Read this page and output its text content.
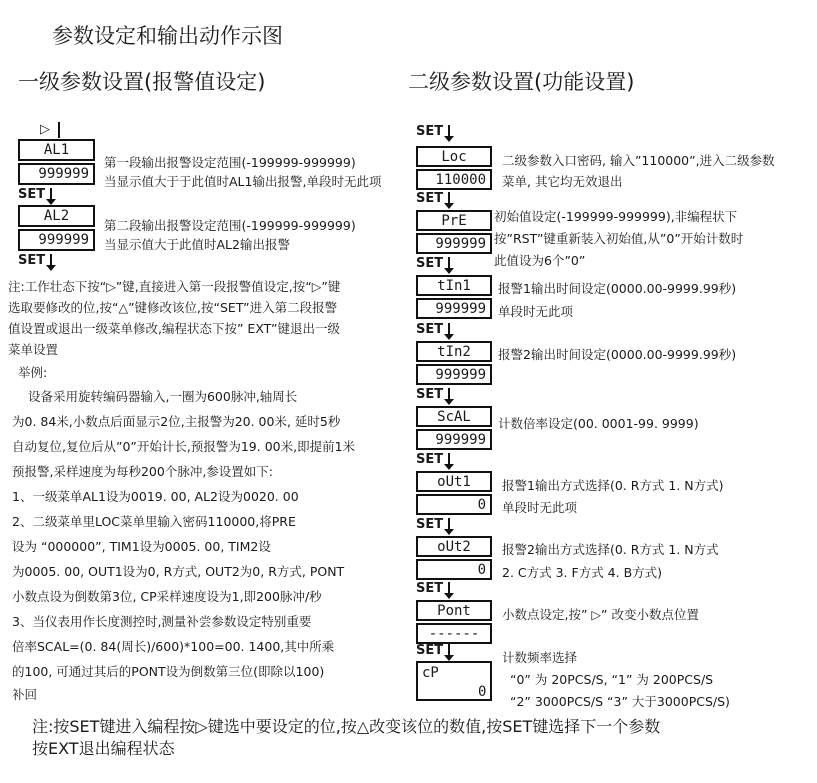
参数设定和输出动作示图
一级参数设置(报警值设定)	二级参数设置(功能设置)
▷
AL1
999999
第一段输出报警设定范围(-199999-999999)
当显示值大于于此值时AL1输出报警,单段时无此项
SET
AL2
999999
第二段输出报警设定范围(-199999-999999)
当显示值大于此值时AL2输出报警
SET
注:工作壮态下按“▷”键,直接进入第一段报警值设定,按“▷”键
选取要修改的位,按“△”键修改该位,按“SET”进入第二段报警
值设置或退出一级菜单修改,编程状态下按” EXT”键退出一级
菜单设置
举例:
设备采用旋转编码器输入,一圈为600脉冲,轴周长
为0. 84米,小数点后面显示2位,主报警为20. 00米, 延时5秒
自动复位,复位后从”0”开始计长,预报警为19. 00米,即提前1米
预报警,采样速度为每秒200个脉冲,参设置如下:
1、一级菜单AL1设为0019. 00, AL2设为0020. 00
2、二级菜单里LOC菜单里输入密码110000,将PRE
设为 “000000”, TIM1设为0005. 00, TIM2设
为0005. 00, OUT1设为0, R方式, OUT2为0, R方式, PONT
小数点设为倒数第3位, CP采样速度设为1,即200脉冲/秒
3、当仪表用作长度测控时,测量补尝参数设定特别重要
倍率SCAL=(0. 84(周长)/600)*100=00. 1400,其中所乘
的100, 可通过其后的PONT设为倒数第三位(即除以100)
补回
SET
Loc
110000
二级参数入口密码, 输入”110000”,进入二级参数
菜单, 其它均无效退出
SET
PrE
999999
初始值设定(-199999-999999),非编程状下
按”RST”键重新装入初始值,从”0”开始计数时
此值设为6个”0”
SET
tIn1
999999
报警1输出时间设定(0000.00-9999.99秒)
单段时无此项
SET
tIn2
999999
报警2输出时间设定(0000.00-9999.99秒)
SET
ScAL
999999
计数倍率设定(00. 0001-99. 9999)
SET
oUt1
0
报警1输出方式选择(0. R方式 1. N方式)
单段时无此项
SET
oUt2
0
报警2输出方式选择(0. R方式 1. N方式
2. C方式 3. F方式 4. B方式)
SET
Pont
------
小数点设定,按” ▷” 改变小数点位置
SET
cP
0
计数频率选择
“0” 为 20PCS/S, “1” 为 200PCS/S
“2” 3000PCS/S “3” 大于3000PCS/S)
注:按SET键进入编程按▷键选中要设定的位,按△改变该位的数值,按SET键选择下一个参数
按EXT退出编程状态
